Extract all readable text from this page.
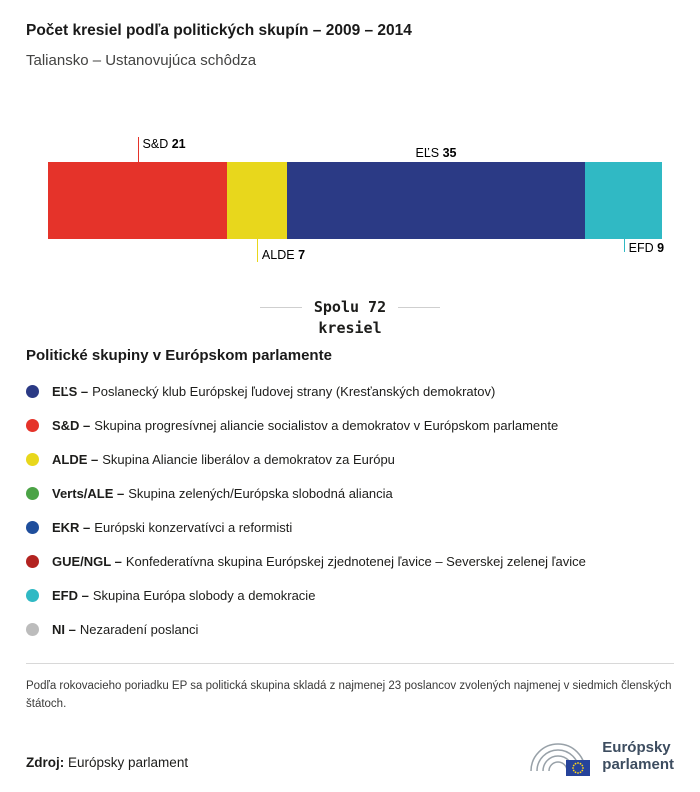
Počet kresiel podľa politických skupín – 2009 – 2014
Taliansko – Ustanovujúca schôdza
S&D 21
ALDE 7
EĽS 35
EFD 9
Spolu 72
kresiel
Politické skupiny v Európskom parlamente
EĽS – Poslanecký klub Európskej ľudovej strany (Kresťanských demokratov)
S&D – Skupina progresívnej aliancie socialistov a demokratov v Európskom parlamente
ALDE – Skupina Aliancie liberálov a demokratov za Európu
Verts/ALE – Skupina zelených/Európska slobodná aliancia
EKR – Európski konzervatívci a reformisti
GUE/NGL – Konfederatívna skupina Európskej zjednotenej ľavice – Severskej zelenej ľavice
EFD – Skupina Európa slobody a demokracie
NI – Nezaradení poslanci

Podľa rokovacieho poriadku EP sa politická skupina skladá z najmenej 23 poslancov zvolených najmenej v siedmich členských štátoch.

Zdroj: Európsky parlament
Európsky
parlament
